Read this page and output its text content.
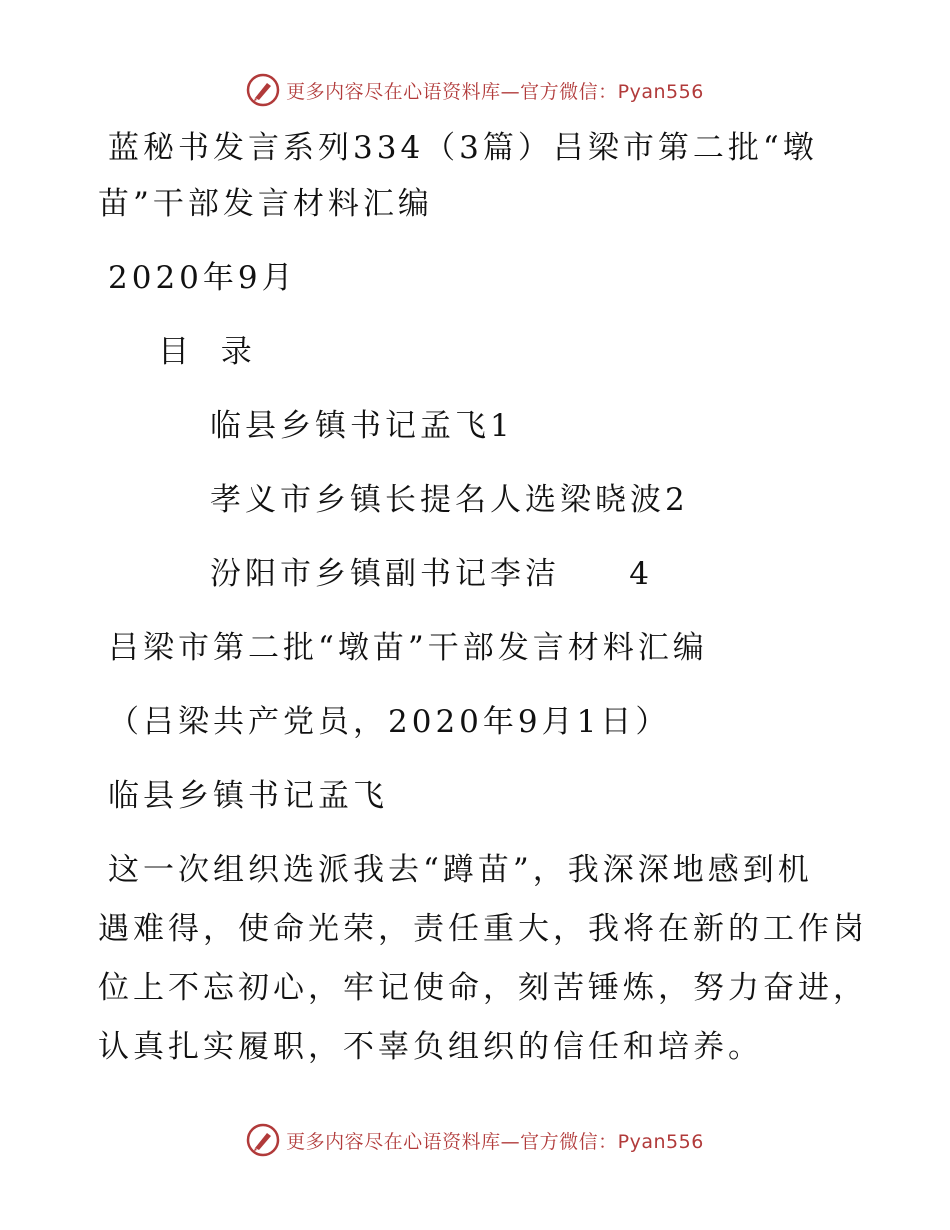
更多内容尽在心语资料库—官方微信：Pyan556
蓝秘书发言系列334（3篇）吕梁市第二批“墩
苗”干部发言材料汇编
2020年9月
目  录
临县乡镇书记孟飞1
孝义市乡镇长提名人选梁晓波2
汾阳市乡镇副书记李洁     4
吕梁市第二批“墩苗”干部发言材料汇编
（吕梁共产党员，2020年9月1日）
临县乡镇书记孟飞
这一次组织选派我去“蹲苗”，我深深地感到机
遇难得，使命光荣，责任重大，我将在新的工作岗
位上不忘初心，牢记使命，刻苦锤炼，努力奋进，
认真扎实履职，不辜负组织的信任和培养。
更多内容尽在心语资料库—官方微信：Pyan556
